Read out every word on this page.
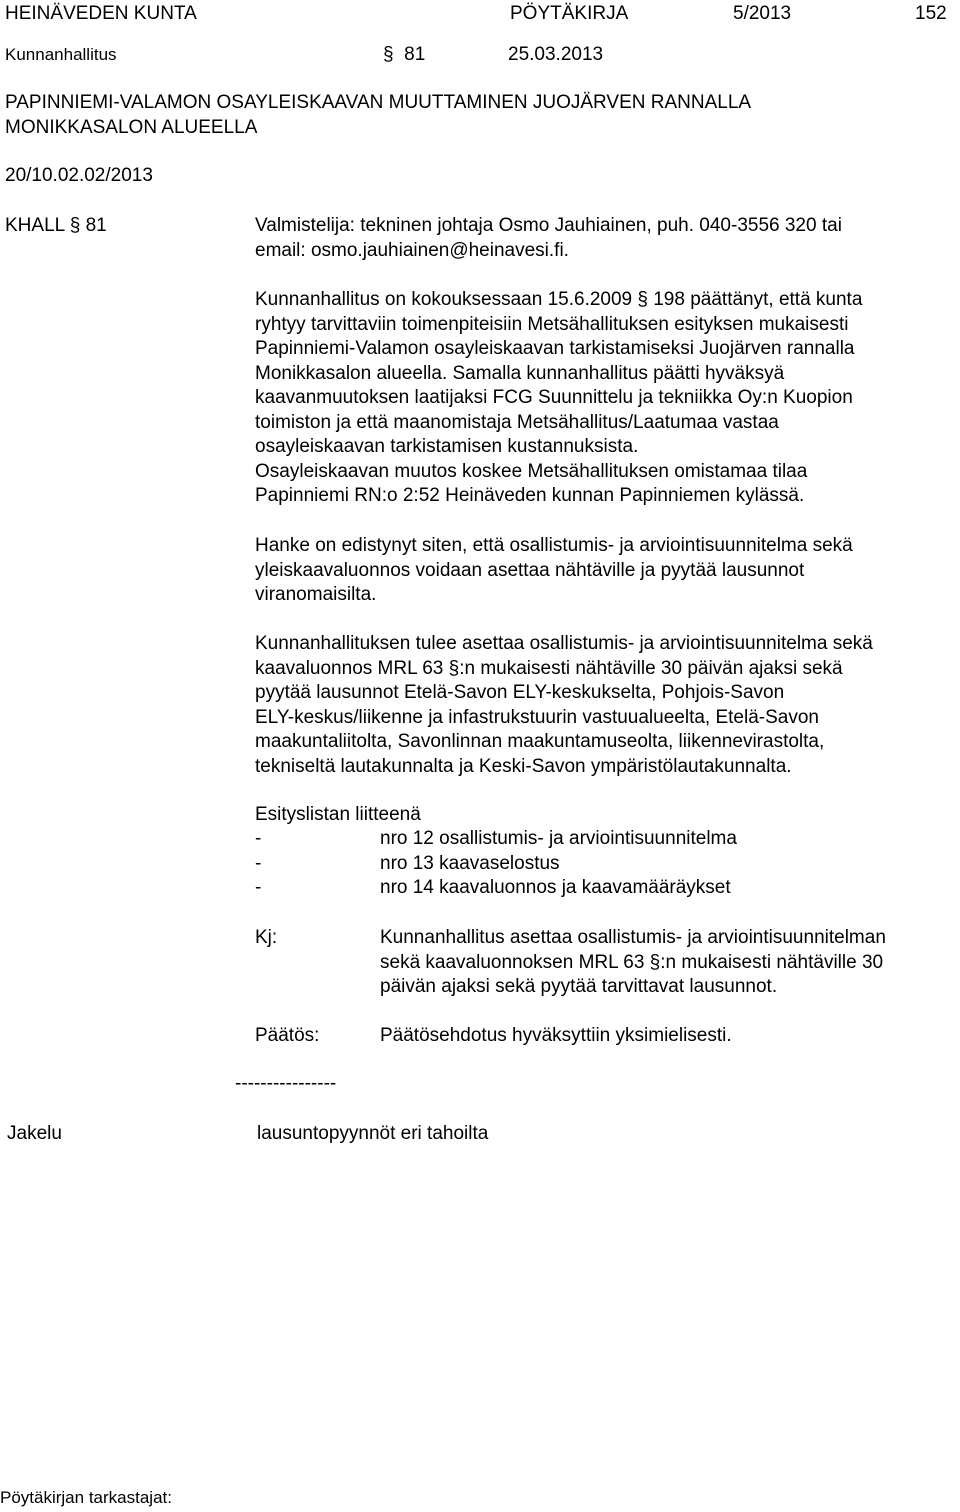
HEINÄVEDEN KUNTA	PÖYTÄKIRJA	5/2013	152
Kunnanhallitus	§  81	25.03.2013
PAPINNIEMI-VALAMON OSAYLEISKAAVAN MUUTTAMINEN JUOJÄRVEN RANNALLA
MONIKKASALON ALUEELLA
20/10.02.02/2013
KHALL § 81	Valmistelija: tekninen johtaja Osmo Jauhiainen, puh. 040-3556 320 tai
email: osmo.jauhiainen@heinavesi.fi.
Kunnanhallitus on kokouksessaan 15.6.2009 § 198 päättänyt, että kunta
ryhtyy tarvittaviin toimenpiteisiin Metsähallituksen esityksen mukaisesti
Papinniemi-Valamon osayleiskaavan tarkistamiseksi Juojärven rannalla
Monikkasalon alueella. Samalla kunnanhallitus päätti hyväksyä
kaavanmuutoksen laatijaksi FCG Suunnittelu ja tekniikka Oy:n Kuopion
toimiston ja että maanomistaja Metsähallitus/Laatumaa vastaa
osayleiskaavan tarkistamisen kustannuksista.
Osayleiskaavan muutos koskee Metsähallituksen omistamaa tilaa
Papinniemi RN:o 2:52 Heinäveden kunnan Papinniemen kylässä.
Hanke on edistynyt siten, että osallistumis- ja arviointisuunnitelma sekä
yleiskaavaluonnos voidaan asettaa nähtäville ja pyytää lausunnot
viranomaisilta.
Kunnanhallituksen tulee asettaa osallistumis- ja arviointisuunnitelma sekä
kaavaluonnos MRL 63 §:n mukaisesti nähtäville 30 päivän ajaksi sekä
pyytää lausunnot Etelä-Savon ELY-keskukselta, Pohjois-Savon
ELY-keskus/liikenne ja infastrukstuurin vastuualueelta, Etelä-Savon
maakuntaliitolta, Savonlinnan maakuntamuseolta, liikennevirastolta,
tekniseltä lautakunnalta ja Keski-Savon ympäristölautakunnalta.
Esityslistan liitteenä
-	nro 12 osallistumis- ja arviointisuunnitelma
-	nro 13 kaavaselostus
-	nro 14 kaavaluonnos ja kaavamääräykset
Kj:	Kunnanhallitus asettaa osallistumis- ja arviointisuunnitelman
sekä kaavaluonnoksen MRL 63 §:n mukaisesti nähtäville 30
päivän ajaksi sekä pyytää tarvittavat lausunnot.
Päätös:	Päätösehdotus hyväksyttiin yksimielisesti.
----------------
Jakelu	lausuntopyynnöt eri tahoilta
Pöytäkirjan tarkastajat:
